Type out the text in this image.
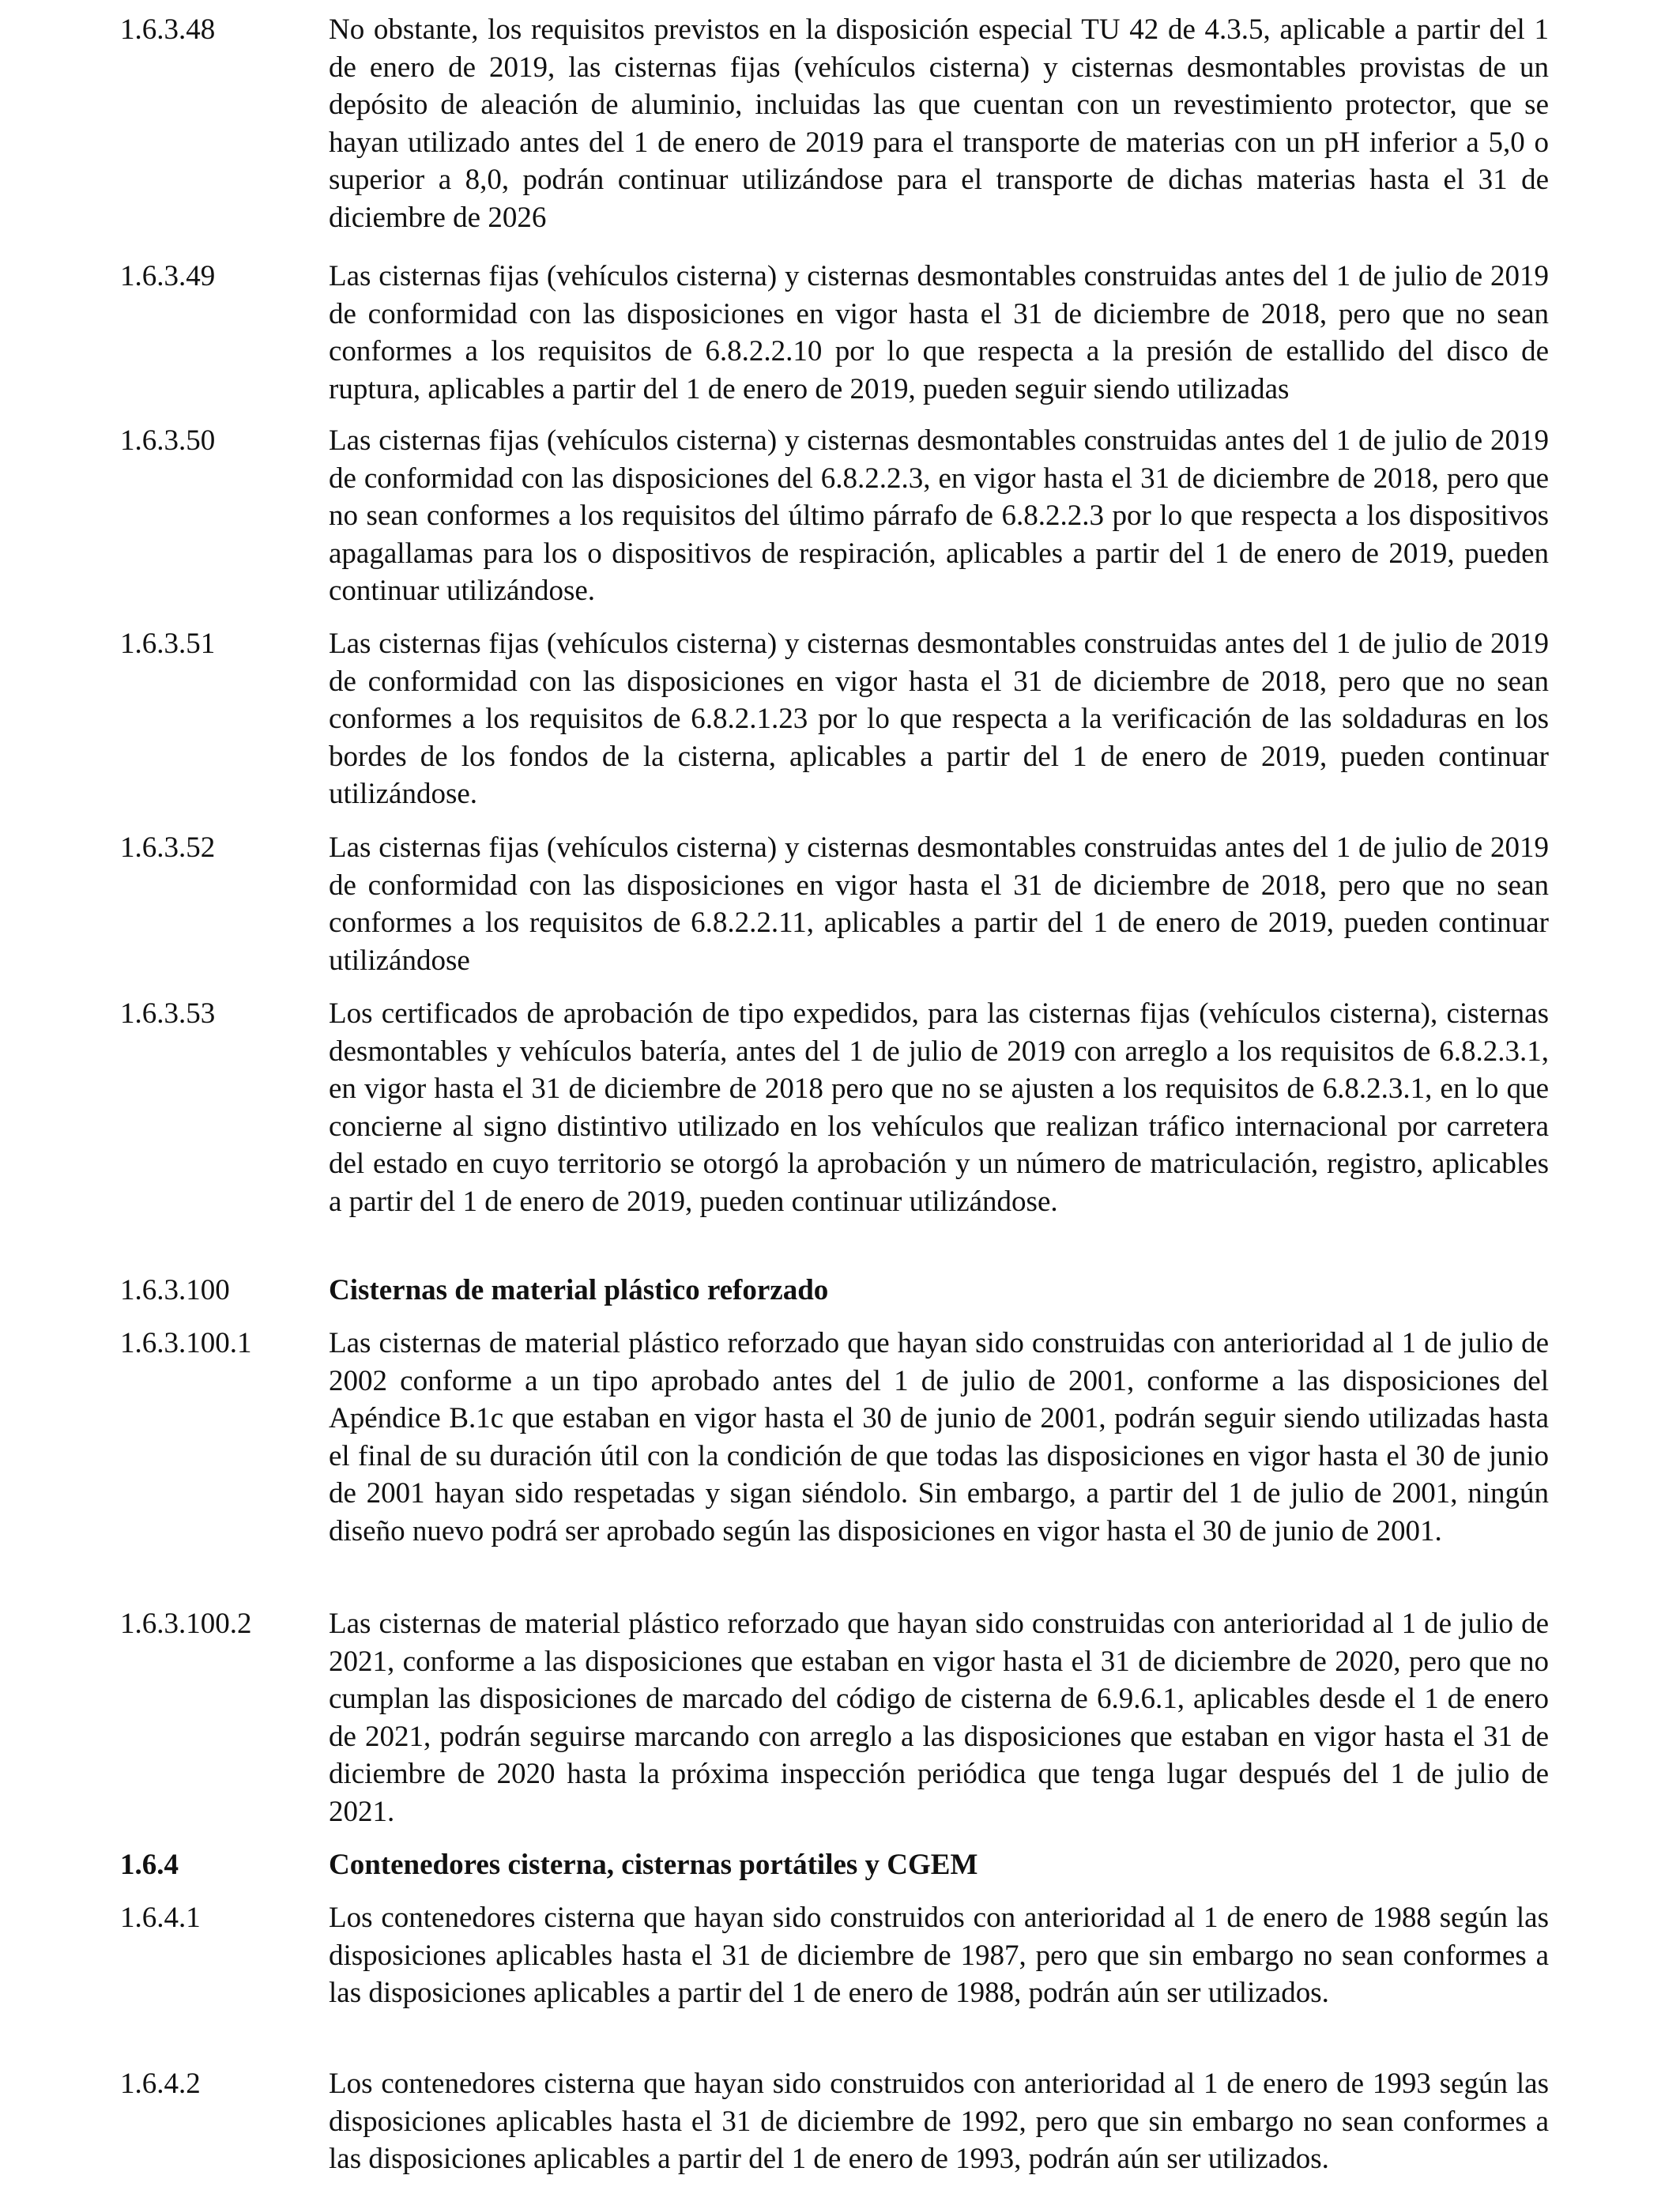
1.6.3.48	No obstante, los requisitos previstos en la disposición especial TU 42 de 4.3.5, aplicable a partir del 1 de enero de 2019, las cisternas fijas (vehículos cisterna) y cisternas desmontables provistas de un depósito de aleación de aluminio, incluidas las que cuentan con un revestimiento protector, que se hayan utilizado antes del 1 de enero de 2019 para el transporte de materias con un pH inferior a 5,0 o superior a 8,0, podrán continuar utilizándose para el transporte de dichas materias hasta el 31 de diciembre de 2026
1.6.3.49	Las cisternas fijas (vehículos cisterna) y cisternas desmontables construidas antes del 1 de julio de 2019 de conformidad con las disposiciones en vigor hasta el 31 de diciembre de 2018, pero que no sean conformes a los requisitos de 6.8.2.2.10 por lo que respecta a la presión de estallido del disco de ruptura, aplicables a partir del 1 de enero de 2019, pueden seguir siendo utilizadas
1.6.3.50	Las cisternas fijas (vehículos cisterna) y cisternas desmontables construidas antes del 1 de julio de 2019 de conformidad con las disposiciones del 6.8.2.2.3, en vigor hasta el 31 de diciembre de 2018, pero que no sean conformes a los requisitos del último párrafo de 6.8.2.2.3 por lo que respecta a los dispositivos apagallamas para los o dispositivos de respiración, aplicables a partir del 1 de enero de 2019, pueden continuar utilizándose.
1.6.3.51	Las cisternas fijas (vehículos cisterna) y cisternas desmontables construidas antes del 1 de julio de 2019 de conformidad con las disposiciones en vigor hasta el 31 de diciembre de 2018, pero que no sean conformes a los requisitos de 6.8.2.1.23 por lo que respecta a la verificación de las soldaduras en los bordes de los fondos de la cisterna, aplicables a partir del 1 de enero de 2019, pueden continuar utilizándose.
1.6.3.52	Las cisternas fijas (vehículos cisterna) y cisternas desmontables construidas antes del 1 de julio de 2019 de conformidad con las disposiciones en vigor hasta el 31 de diciembre de 2018, pero que no sean conformes a los requisitos de 6.8.2.2.11, aplicables a partir del 1 de enero de 2019, pueden continuar utilizándose
1.6.3.53	Los certificados de aprobación de tipo expedidos, para las cisternas fijas (vehículos cisterna), cisternas desmontables y vehículos batería, antes del 1 de julio de 2019 con arreglo a los requisitos de 6.8.2.3.1, en vigor hasta el 31 de diciembre de 2018 pero que no se ajusten a los requisitos de 6.8.2.3.1, en lo que concierne al signo distintivo utilizado en los vehículos que realizan tráfico internacional por carretera del estado en cuyo territorio se otorgó la aprobación y un número de matriculación, registro, aplicables a partir del 1 de enero de 2019, pueden continuar utilizándose.
1.6.3.100	Cisternas de material plástico reforzado
1.6.3.100.1	Las cisternas de material plástico reforzado que hayan sido construidas con anterioridad al 1 de julio de 2002 conforme a un tipo aprobado antes del 1 de julio de 2001, conforme a las disposiciones del Apéndice B.1c que estaban en vigor hasta el 30 de junio de 2001, podrán seguir siendo utilizadas hasta el final de su duración útil con la condición de que todas las disposiciones en vigor hasta el 30 de junio de 2001 hayan sido respetadas y sigan siéndolo. Sin embargo, a partir del 1 de julio de 2001, ningún diseño nuevo podrá ser aprobado según las disposiciones en vigor hasta el 30 de junio de 2001.
1.6.3.100.2	Las cisternas de material plástico reforzado que hayan sido construidas con anterioridad al 1 de julio de 2021, conforme a las disposiciones que estaban en vigor hasta el 31 de diciembre de 2020, pero que no cumplan las disposiciones de marcado del código de cisterna de 6.9.6.1, aplicables desde el 1 de enero de 2021, podrán seguirse marcando con arreglo a las disposiciones que estaban en vigor hasta el 31 de diciembre de 2020 hasta la próxima inspección periódica que tenga lugar después del 1 de julio de 2021.
1.6.4	Contenedores cisterna, cisternas portátiles y CGEM
1.6.4.1	Los contenedores cisterna que hayan sido construidos con anterioridad al 1 de enero de 1988 según las disposiciones aplicables hasta el 31 de diciembre de 1987, pero que sin embargo no sean conformes a las disposiciones aplicables a partir del 1 de enero de 1988, podrán aún ser utilizados.
1.6.4.2	Los contenedores cisterna que hayan sido construidos con anterioridad al 1 de enero de 1993 según las disposiciones aplicables hasta el 31 de diciembre de 1992, pero que sin embargo no sean conformes a las disposiciones aplicables a partir del 1 de enero de 1993, podrán aún ser utilizados.
